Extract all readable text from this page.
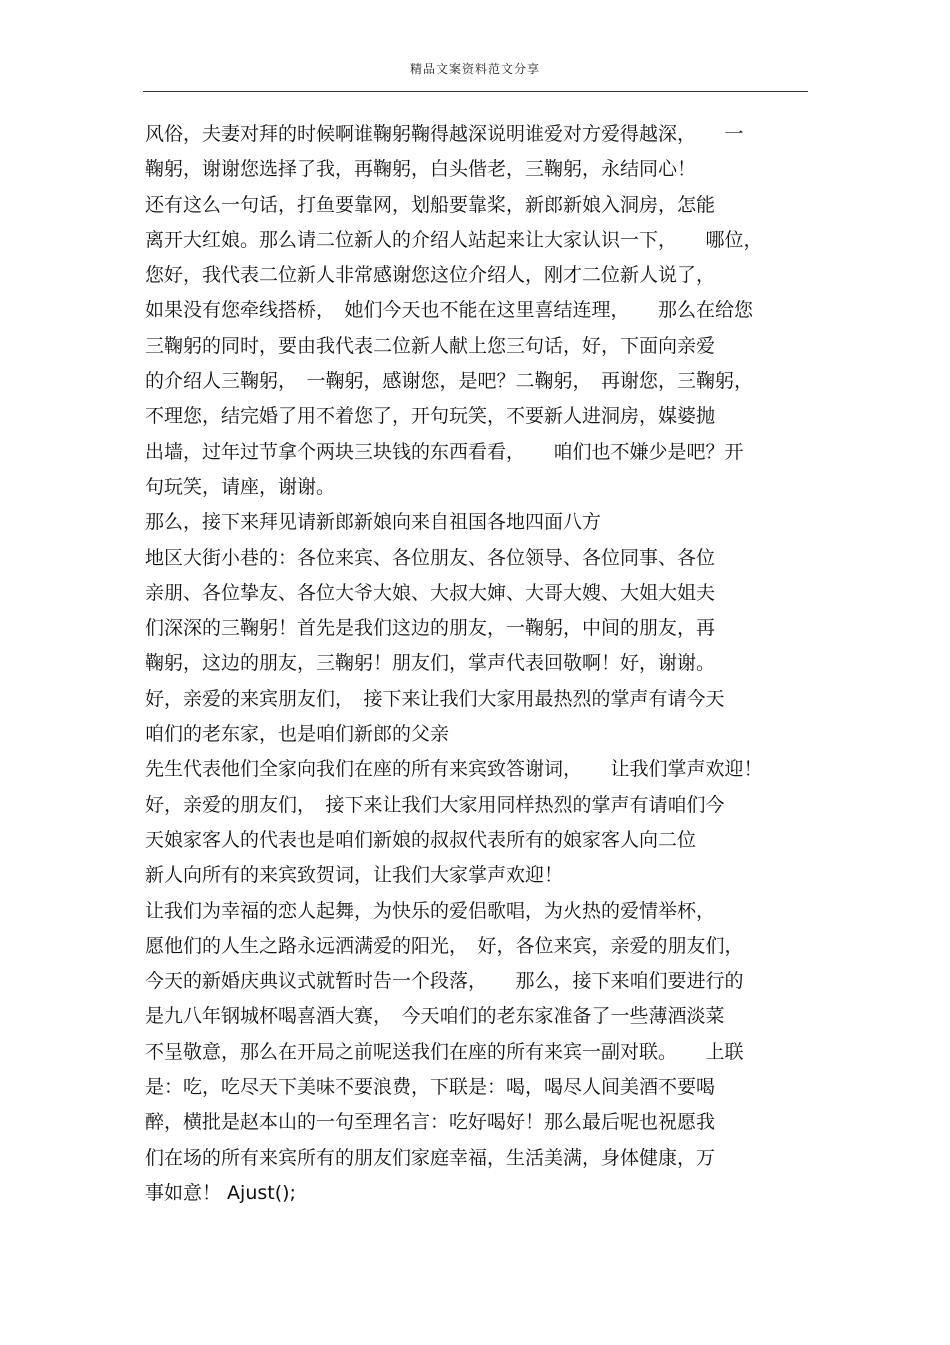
精品文案资料范文分享
风俗，夫妻对拜的时候啊谁鞠躬鞠得越深说明谁爱对方爱得越深，　　一
鞠躬，谢谢您选择了我，再鞠躬，白头偕老，三鞠躬，永结同心！
还有这么一句话，打鱼要靠网，划船要靠桨，新郎新娘入洞房，怎能
离开大红娘。那么请二位新人的介绍人站起来让大家认识一下，　　哪位，
您好，我代表二位新人非常感谢您这位介绍人，刚才二位新人说了，
如果没有您牵线搭桥，　她们今天也不能在这里喜结连理，　　那么在给您
三鞠躬的同时，要由我代表二位新人献上您三句话，好，下面向亲爱
的介绍人三鞠躬，　一鞠躬，感谢您，是吧？二鞠躬，　再谢您，三鞠躬，
不理您，结完婚了用不着您了，开句玩笑，不要新人进洞房，媒婆抛
出墙，过年过节拿个两块三块钱的东西看看，　　咱们也不嫌少是吧？开
句玩笑，请座，谢谢。
那么，接下来拜见请新郎新娘向来自祖国各地四面八方
地区大街小巷的：各位来宾、各位朋友、各位领导、各位同事、各位
亲朋、各位挚友、各位大爷大娘、大叔大婶、大哥大嫂、大姐大姐夫
们深深的三鞠躬！首先是我们这边的朋友，一鞠躬，中间的朋友，再
鞠躬，这边的朋友，三鞠躬！朋友们，掌声代表回敬啊！好，谢谢。
好，亲爱的来宾朋友们，　接下来让我们大家用最热烈的掌声有请今天
咱们的老东家，也是咱们新郎的父亲
先生代表他们全家向我们在座的所有来宾致答谢词，　　让我们掌声欢迎！
好，亲爱的朋友们，　接下来让我们大家用同样热烈的掌声有请咱们今
天娘家客人的代表也是咱们新娘的叔叔代表所有的娘家客人向二位
新人向所有的来宾致贺词，让我们大家掌声欢迎！
让我们为幸福的恋人起舞，为快乐的爱侣歌唱，为火热的爱情举杯，
愿他们的人生之路永远洒满爱的阳光，　好，各位来宾，亲爱的朋友们，
今天的新婚庆典议式就暂时告一个段落，　　那么，接下来咱们要进行的
是九八年钢城杯喝喜酒大赛，　今天咱们的老东家准备了一些薄酒淡菜
不呈敬意，那么在开局之前呢送我们在座的所有来宾一副对联。　　上联
是：吃，吃尽天下美味不要浪费，下联是：喝，喝尽人间美酒不要喝
醉，横批是赵本山的一句至理名言：吃好喝好！那么最后呢也祝愿我
们在场的所有来宾所有的朋友们家庭幸福，生活美满，身体健康，万
事如意！ Ajust();
